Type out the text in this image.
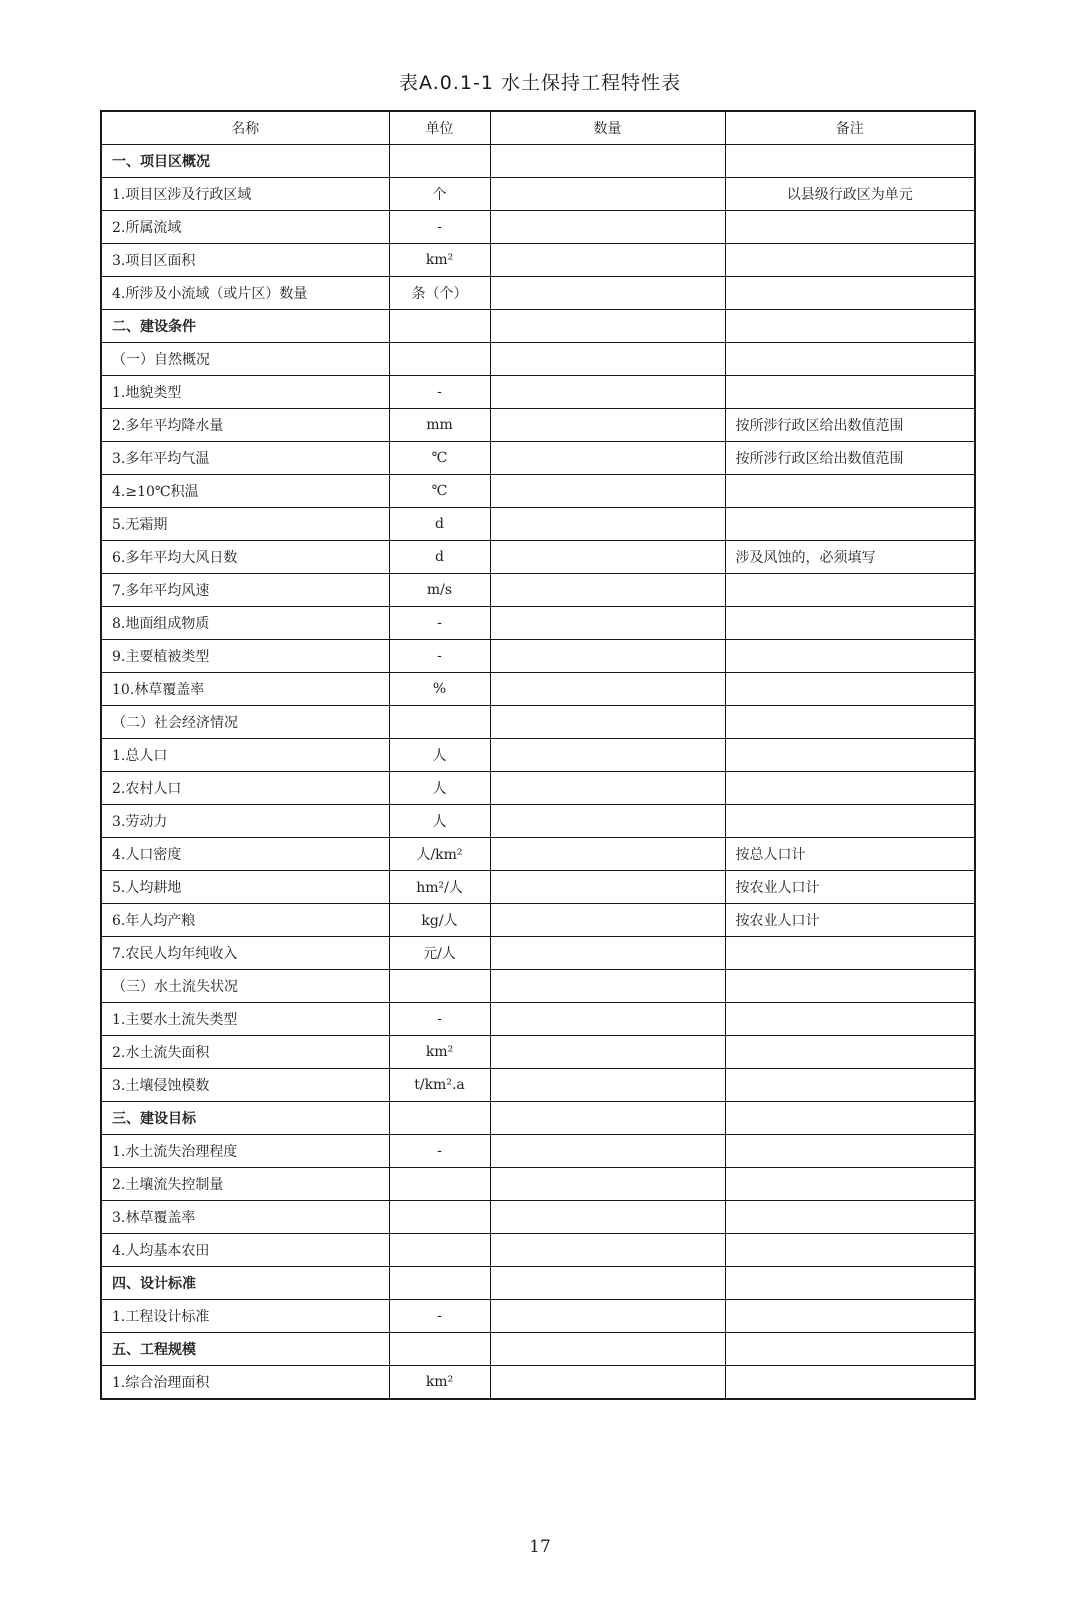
表A.0.1-1 水土保持工程特性表
名称	单位	数量	备注
一、项目区概况			
1.项目区涉及行政区域	个		以县级行政区为单元
2.所属流域	-		
3.项目区面积	km²		
4.所涉及小流域（或片区）数量	条（个）		
二、建设条件			
（一）自然概况			
1.地貌类型	-		
2.多年平均降水量	mm		按所涉行政区给出数值范围
3.多年平均气温	℃		按所涉行政区给出数值范围
4.≥10℃积温	℃		
5.无霜期	d		
6.多年平均大风日数	d		涉及风蚀的，必须填写
7.多年平均风速	m/s		
8.地面组成物质	-		
9.主要植被类型	-		
10.林草覆盖率	%		
（二）社会经济情况			
1.总人口	人		
2.农村人口	人		
3.劳动力	人		
4.人口密度	人/km²		按总人口计
5.人均耕地	hm²/人		按农业人口计
6.年人均产粮	kg/人		按农业人口计
7.农民人均年纯收入	元/人		
（三）水土流失状况			
1.主要水土流失类型	-		
2.水土流失面积	km²		
3.土壤侵蚀模数	t/km².a		
三、建设目标			
1.水土流失治理程度	-		
2.土壤流失控制量			
3.林草覆盖率			
4.人均基本农田			
四、设计标准			
1.工程设计标准	-		
五、工程规模			
1.综合治理面积	km²		
17
